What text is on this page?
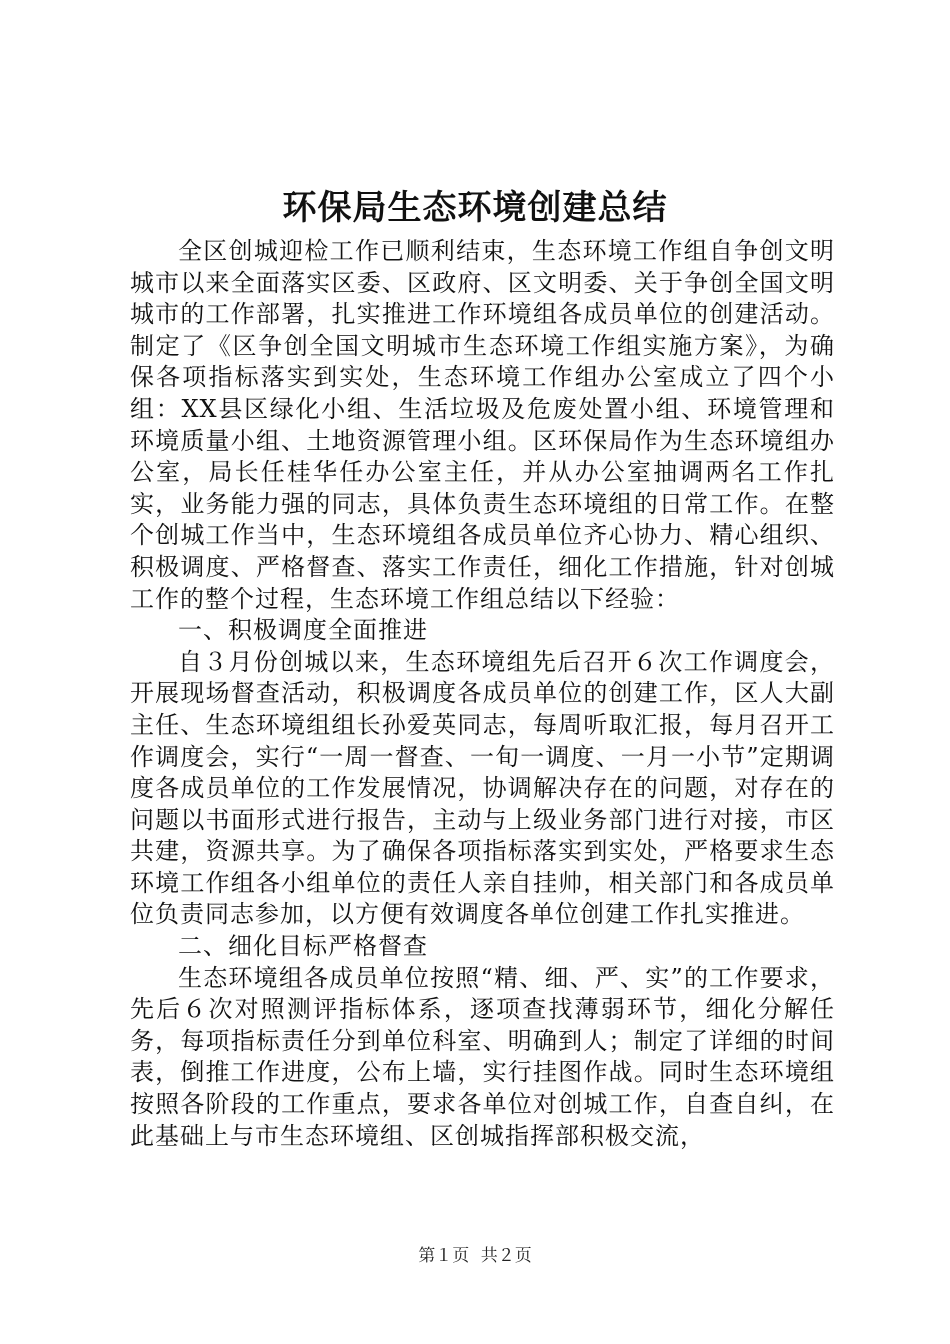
环保局生态环境创建总结

全区创城迎检工作已顺利结束，生态环境工作组自争创文明城市以来全面落实区委、区政府、区文明委、关于争创全国文明城市的工作部署，扎实推进工作环境组各成员单位的创建活动。制定了《区争创全国文明城市生态环境工作组实施方案》，为确保各项指标落实到实处，生态环境工作组办公室成立了四个小组：XX县区绿化小组、生活垃圾及危废处置小组、环境管理和环境质量小组、土地资源管理小组。区环保局作为生态环境组办公室，局长任桂华任办公室主任，并从办公室抽调两名工作扎实，业务能力强的同志，具体负责生态环境组的日常工作。在整个创城工作当中，生态环境组各成员单位齐心协力、精心组织、积极调度、严格督查、落实工作责任，细化工作措施，针对创城工作的整个过程，生态环境工作组总结以下经验：

一、积极调度全面推进

自３月份创城以来，生态环境组先后召开６次工作调度会，开展现场督查活动，积极调度各成员单位的创建工作，区人大副主任、生态环境组组长孙爱英同志，每周听取汇报，每月召开工作调度会，实行“一周一督查、一旬一调度、一月一小节”定期调度各成员单位的工作发展情况，协调解决存在的问题，对存在的问题以书面形式进行报告，主动与上级业务部门进行对接，市区共建，资源共享。为了确保各项指标落实到实处，严格要求生态环境工作组各小组单位的责任人亲自挂帅，相关部门和各成员单位负责同志参加，以方便有效调度各单位创建工作扎实推进。

二、细化目标严格督查

生态环境组各成员单位按照“精、细、严、实”的工作要求，先后６次对照测评指标体系，逐项查找薄弱环节，细化分解任务，每项指标责任分到单位科室、明确到人；制定了详细的时间表，倒推工作进度，公布上墙，实行挂图作战。同时生态环境组按照各阶段的工作重点，要求各单位对创城工作，自查自纠，在此基础上与市生态环境组、区创城指挥部积极交流，

第１页 共２页
